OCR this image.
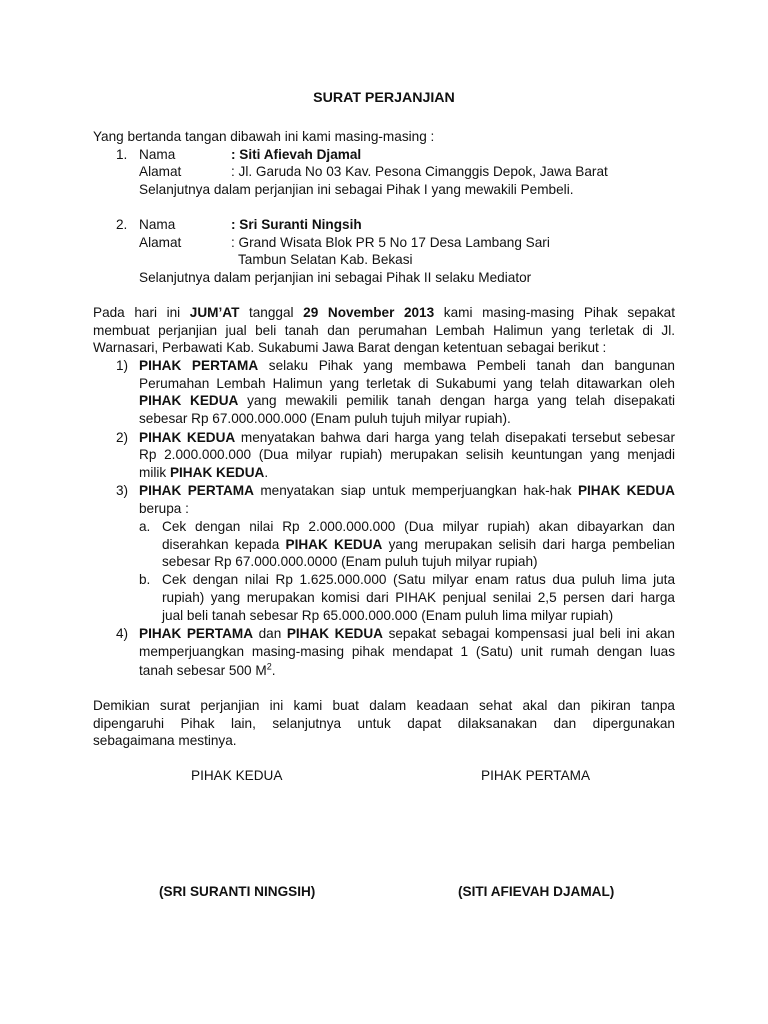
SURAT PERJANJIAN
Yang bertanda tangan dibawah ini kami masing-masing :
1. Nama	: Siti Afievah Djamal
Alamat	: Jl. Garuda No 03 Kav. Pesona Cimanggis Depok, Jawa Barat
Selanjutnya dalam perjanjian ini sebagai Pihak I yang mewakili Pembeli.
2. Nama	: Sri Suranti Ningsih
Alamat	: Grand Wisata Blok PR 5 No 17 Desa Lambang Sari
Tambun Selatan Kab. Bekasi
Selanjutnya dalam perjanjian ini sebagai Pihak II selaku Mediator
Pada hari ini JUM’AT tanggal 29 November 2013 kami masing-masing Pihak sepakat
membuat perjanjian jual beli tanah dan perumahan Lembah Halimun yang terletak di Jl.
Warnasari, Perbawati Kab. Sukabumi Jawa Barat dengan ketentuan sebagai berikut :
1) PIHAK PERTAMA selaku Pihak yang membawa Pembeli tanah dan bangunan
Perumahan Lembah Halimun yang terletak di Sukabumi yang telah ditawarkan oleh
PIHAK KEDUA yang mewakili pemilik tanah dengan harga yang telah disepakati
sebesar Rp 67.000.000.000 (Enam puluh tujuh milyar rupiah).
2) PIHAK KEDUA menyatakan bahwa dari harga yang telah disepakati tersebut sebesar
Rp 2.000.000.000 (Dua milyar rupiah) merupakan selisih keuntungan yang menjadi
milik PIHAK KEDUA.
3) PIHAK PERTAMA menyatakan siap untuk memperjuangkan hak-hak PIHAK KEDUA
berupa :
a. Cek dengan nilai Rp 2.000.000.000 (Dua milyar rupiah) akan dibayarkan dan
diserahkan kepada PIHAK KEDUA yang merupakan selisih dari harga pembelian
sebesar Rp 67.000.000.0000 (Enam puluh tujuh milyar rupiah)
b. Cek dengan nilai Rp 1.625.000.000 (Satu milyar enam ratus dua puluh lima juta
rupiah) yang merupakan komisi dari PIHAK penjual senilai 2,5 persen dari harga
jual beli tanah sebesar Rp 65.000.000.000 (Enam puluh lima milyar rupiah)
4) PIHAK PERTAMA dan PIHAK KEDUA sepakat sebagai kompensasi jual beli ini akan
memperjuangkan masing-masing pihak mendapat 1 (Satu) unit rumah dengan luas
tanah sebesar 500 $M^2$.
Demikian surat perjanjian ini kami buat dalam keadaan sehat akal dan pikiran tanpa
dipengaruhi Pihak lain, selanjutnya untuk dapat dilaksanakan dan dipergunakan
sebagaimana mestinya.
PIHAK KEDUA	PIHAK PERTAMA
(SRI SURANTI NINGSIH)	(SITI AFIEVAH DJAMAL)
